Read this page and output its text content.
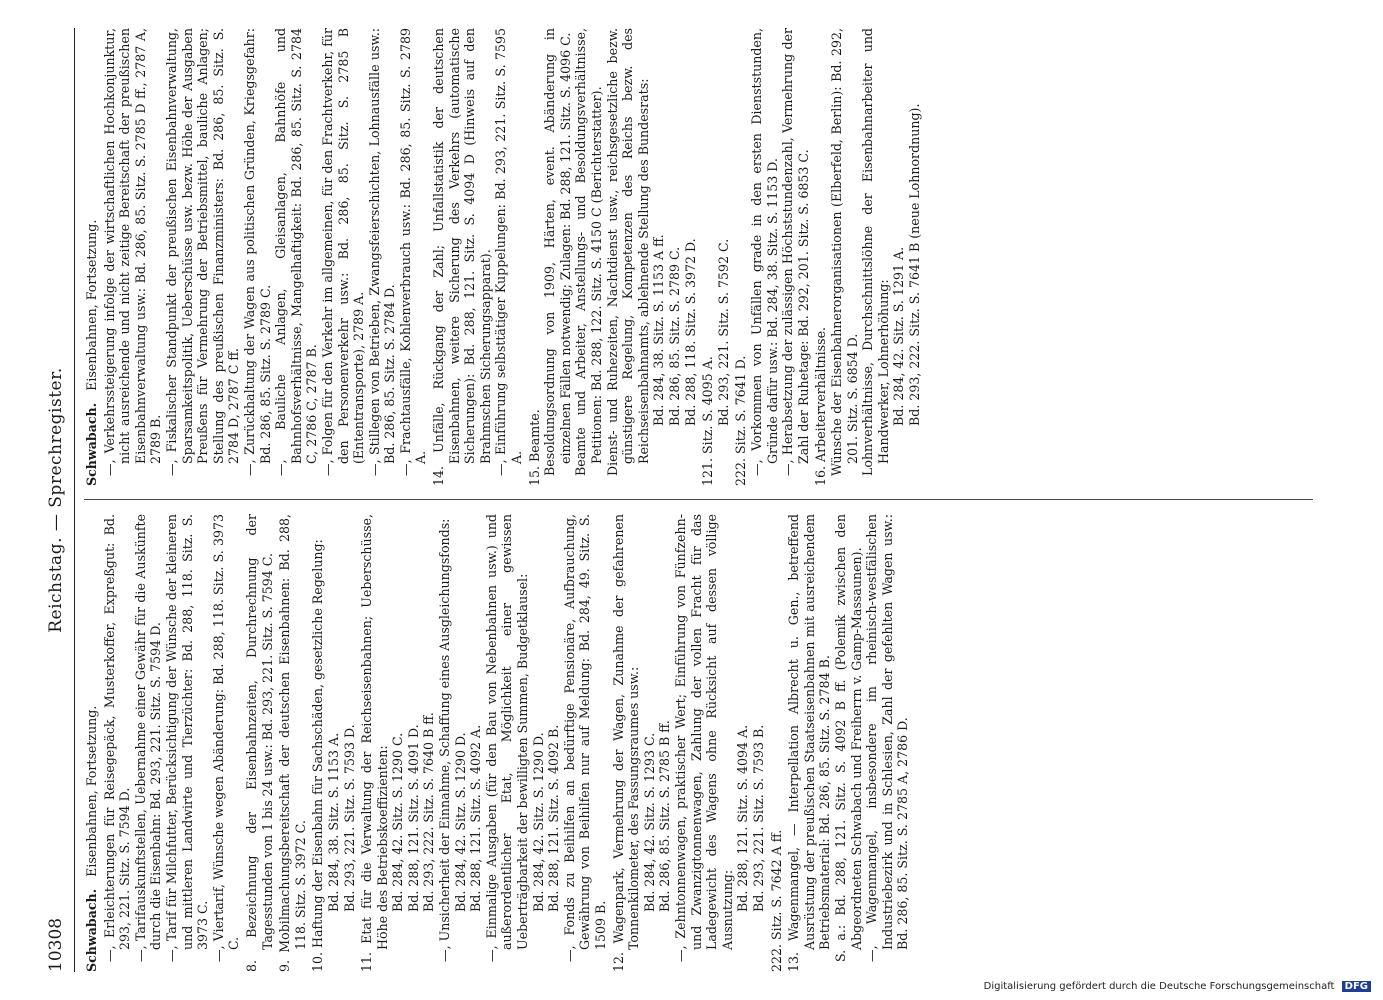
10308
Reichstag. — Sprechregister.

Schwabach. Eisenbahnen, Fortsetzung. —, Erleichterungen für Reisegepäck, Musterkoffer, Expreßgut: Bd. 293, 221. Sitz. S. 7594 D. —, Tarifauskunftstellen, Uebernahme einer Gewähr für die Auskünfte durch die Eisenbahn: Bd. 293, 221. Sitz. S. 7594 D. —, Tarif für Milchfutter, Berücksichtigung der Wünsche der kleineren und mittleren Landwirte und Tierzüchter: Bd. 288, 118. Sitz. S. 3973 C. —, Viertarif, Wünsche wegen Abänderung: Bd. 288, 118. Sitz. S. 3973 C. 8. Bezeichnung der Eisenbahnzeiten, Durchrechnung der Tagesstunden von 1 bis 24 usw.: Bd. 293, 221. Sitz. S. 7594 C. 9. Mobilmachungsbereitschaft der deutschen Eisenbahnen: Bd. 288, 118. Sitz. S. 3972 C. 10. Haftung der Eisenbahn für Sachschäden, gesetzliche Regelung: Bd. 284, 38. Sitz. S. 1153 A. Bd. 293, 221. Sitz. S. 7593 D. 11. Etat für die Verwaltung der Reichseisenbahnen; Ueberschüsse, Höhe des Betriebskoeffizienten: Bd. 284, 42. Sitz. S. 1290 C. Bd. 288, 121. Sitz. S. 4091 D. Bd. 293, 222. Sitz. S. 7640 B ff. —, Unsicherheit der Einnahme, Schaffung eines Ausgleichungsfonds: Bd. 284, 42. Sitz. S. 1290 D. Bd. 288, 121. Sitz. S. 4092 A. —, Einmalige Ausgaben (für den Bau von Nebenbahnen usw.) und außerordentlicher Etat, Möglichkeit einer gewissen Ueberträgbarkeit der bewilligten Summen, Budgetklausel: Bd. 284, 42. Sitz. S. 1290 D. Bd. 288, 121. Sitz. S. 4092 B. —, Fonds zu Beihilfen an bedürftige Pensionäre, Aufbrauchung, Gewährung von Beihilfen nur auf Meldung: Bd. 284, 49. Sitz. S. 1509 B. 12. Wagenpark, Vermehrung der Wagen, Zunahme der gefahrenen Tonnenkilometer, des Fassungsraumes usw.: Bd. 284, 42. Sitz. S. 1293 C. Bd. 286, 85. Sitz. S. 2785 B ff. —, Zehntonnenwagen, praktischer Wert; Einführung von Fünfzehn- und Zwanzigtonnenwagen, Zahlung der vollen Fracht für das Ladegewicht des Wagens ohne Rücksicht auf dessen völlige Ausnutzung: Bd. 288, 121. Sitz. S. 4094 A. Bd. 293, 221. Sitz. S. 7593 B. 222. Sitz. S. 7642 A ff. 13. Wagenmangel, — Interpellation Albrecht u. Gen., betreffend Ausrüstung der preußischen Staatseisenbahnen mit ausreichendem Betriebsmaterial: Bd. 286, 85. Sitz. S. 2784 B. S. a.: Bd. 288, 121. Sitz. S. 4092 B ff. (Polemik zwischen den Abgeordneten Schwabach und Freiherrn v. Gamp-Massaunen). —, Wagenmangel, insbesondere im rheinisch-westfälischen Industriebezirk und in Schlesien, Zahl der gefehlten Wagen usw.: Bd. 286, 85. Sitz. S. 2785 A, 2786 D.

Schwabach. Eisenbahnen, Fortsetzung. —, Verkehrssteigerung infolge der wirtschaftlichen Hochkonjunktur, nicht ausreichende und nicht zeitige Bereitschaft der preußischen Eisenbahnverwaltung usw.: Bd. 286, 85. Sitz. S. 2785 D ff., 2787 A, 2789 B. —, Fiskalischer Standpunkt der preußischen Eisenbahnverwaltung, Sparsamkeitspolitik, Ueberschüsse usw. bezw. Höhe der Ausgaben Preußens für Vermehrung der Betriebsmittel, bauliche Anlagen; Stellung des preußischen Finanzministers: Bd. 286, 85. Sitz. S. 2784 D, 2787 C ff. —, Zurückhaltung der Wagen aus politischen Gründen, Kriegsgefahr: Bd. 286, 85. Sitz. S. 2789 C. —, Bauliche Anlagen, Gleisanlagen, Bahnhöfe und Bahnhofsverhältnisse, Mangelhaftigkeit: Bd. 286, 85. Sitz. S. 2784 C, 2786 C, 2787 B. —, Folgen für den Verkehr im allgemeinen, für den Frachtverkehr, für den Personenverkehr usw.: Bd. 286, 85. Sitz. S. 2785 B (Ententransporte), 2789 A. —, Stillegen von Betrieben, Zwangsfeierschichten, Lohnausfälle usw.: Bd. 286, 85. Sitz. S. 2784 D. —, Frachtausfälle, Kohlenverbrauch usw.: Bd. 286, 85. Sitz. S. 2789 A. 14. Unfälle, Rückgang der Zahl; Unfallstatistik der deutschen Eisenbahnen, weitere Sicherung des Verkehrs (automatische Sicherungen): Bd. 288, 121. Sitz. S. 4094 D (Hinweis auf den Brahmschen Sicherungsapparat). —, Einführung selbsttätiger Kuppelungen: Bd. 293, 221. Sitz. S. 7595 A. 15. Beamte. Besoldungsordnung von 1909, Härten, event. Abänderung in einzelnen Fällen notwendig; Zulagen: Bd. 288, 121. Sitz. S. 4096 C. Beamte und Arbeiter, Anstellungs- und Besoldungsverhältnisse, Petitionen: Bd. 288, 122. Sitz. S. 4150 C (Berichterstatter). Dienst- und Ruhezeiten, Nachtdienst usw., reichsgesetzliche bezw. günstigere Regelung, Kompetenzen des Reichs bezw. des Reichseisenbahnamts, ablehnende Stellung des Bundesrats: Bd. 284, 38. Sitz. S. 1153 A ff. Bd. 286, 85. Sitz. S. 2789 C. Bd. 288, 118. Sitz. S. 3972 D. 121. Sitz. S. 4095 A. Bd. 293, 221. Sitz. S. 7592 C. 222. Sitz. S. 7641 D. —, Vorkommen von Unfällen grade in den ersten Dienststunden, Gründe dafür usw.: Bd. 284, 38. Sitz. S. 1153 D. —, Herabsetzung der zulässigen Höchststundenzahl, Vermehrung der Zahl der Ruhetage: Bd. 292, 201. Sitz. S. 6853 C. 16. Arbeiterverhältnisse. Wünsche der Eisenbahnerorganisationen (Elberfeld, Berlin): Bd. 292, 201. Sitz. S. 6854 D. Lohnverhältnisse, Durchschnittslöhne der Eisenbahnarbeiter und Handwerker, Lohnerhöhung: Bd. 284, 42. Sitz. S. 1291 A. Bd. 293, 222. Sitz. S. 7641 B (neue Lohnordnung).

Digitalisierung gefördert durch die Deutsche Forschungsgemeinschaft DFG
